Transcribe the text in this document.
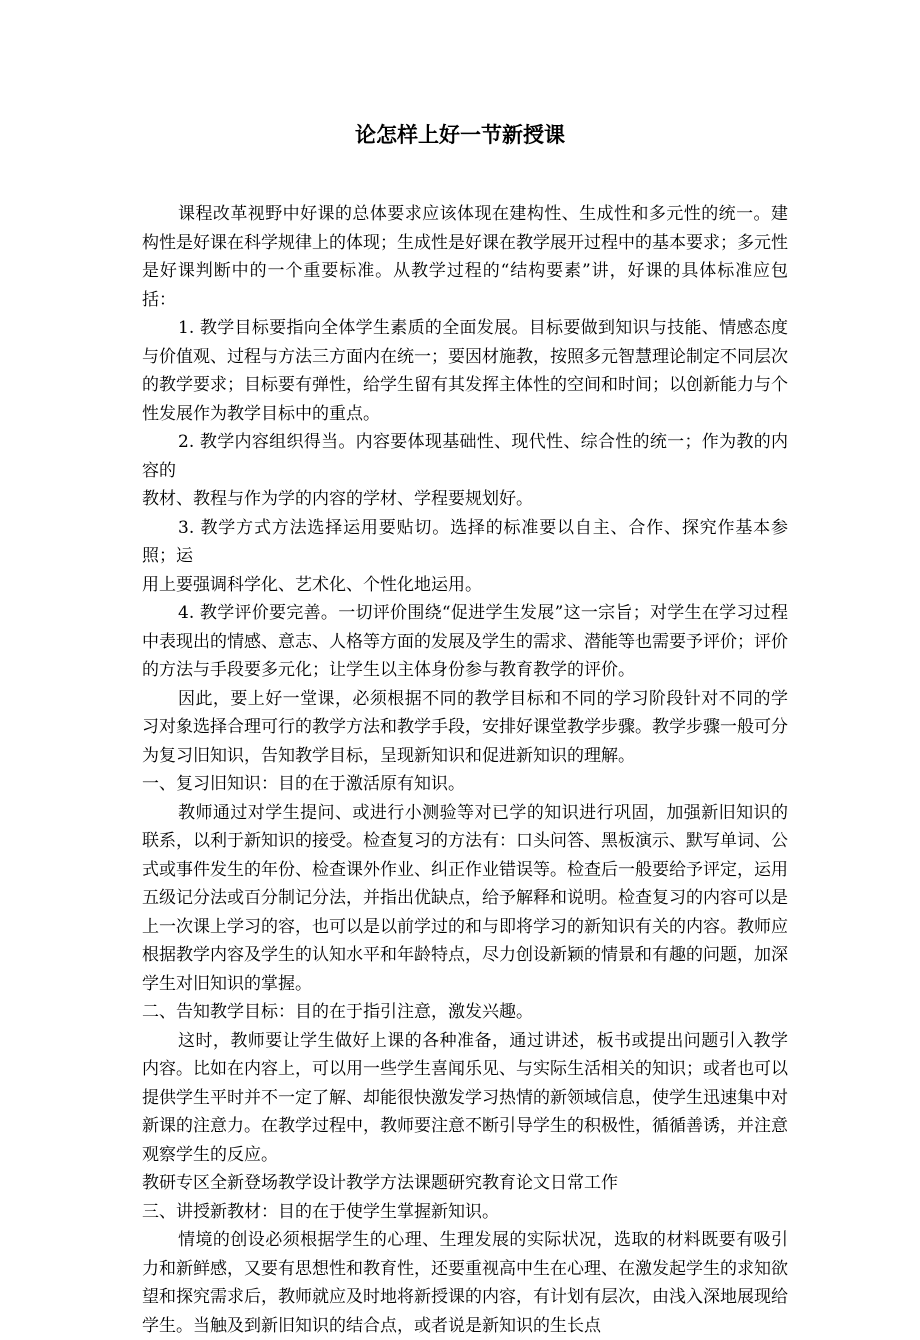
论怎样上好一节新授课

课程改革视野中好课的总体要求应该体现在建构性、生成性和多元性的统一。建构性是好课在科学规律上的体现；生成性是好课在教学展开过程中的基本要求；多元性是好课判断中的一个重要标准。从教学过程的“结构要素”讲，好课的具体标准应包括：

1. 教学目标要指向全体学生素质的全面发展。目标要做到知识与技能、情感态度与价值观、过程与方法三方面内在统一；要因材施教，按照多元智慧理论制定不同层次的教学要求；目标要有弹性，给学生留有其发挥主体性的空间和时间；以创新能力与个性发展作为教学目标中的重点。

2. 教学内容组织得当。内容要体现基础性、现代性、综合性的统一；作为教的内容的

教材、教程与作为学的内容的学材、学程要规划好。

3. 教学方式方法选择运用要贴切。选择的标准要以自主、合作、探究作基本参照；运

用上要强调科学化、艺术化、个性化地运用。

4. 教学评价要完善。一切评价围绕“促进学生发展”这一宗旨；对学生在学习过程中表现出的情感、意志、人格等方面的发展及学生的需求、潜能等也需要予评价；评价的方法与手段要多元化；让学生以主体身份参与教育教学的评价。

因此，要上好一堂课，必须根据不同的教学目标和不同的学习阶段针对不同的学习对象选择合理可行的教学方法和教学手段，安排好课堂教学步骤。教学步骤一般可分为复习旧知识，告知教学目标，呈现新知识和促进新知识的理解。

一、复习旧知识：目的在于激活原有知识。

教师通过对学生提问、或进行小测验等对已学的知识进行巩固，加强新旧知识的联系，以利于新知识的接受。检查复习的方法有：口头问答、黑板演示、默写单词、公式或事件发生的年份、检查课外作业、纠正作业错误等。检查后一般要给予评定，运用五级记分法或百分制记分法，并指出优缺点，给予解释和说明。检查复习的内容可以是上一次课上学习的容，也可以是以前学过的和与即将学习的新知识有关的内容。教师应根据教学内容及学生的认知水平和年龄特点，尽力创设新颖的情景和有趣的问题，加深学生对旧知识的掌握。

二、告知教学目标：目的在于指引注意，激发兴趣。

这时，教师要让学生做好上课的各种准备，通过讲述，板书或提出问题引入教学内容。比如在内容上，可以用一些学生喜闻乐见、与实际生活相关的知识；或者也可以提供学生平时并不一定了解、却能很快激发学习热情的新领域信息，使学生迅速集中对新课的注意力。在教学过程中，教师要注意不断引导学生的积极性，循循善诱，并注意观察学生的反应。

教研专区全新登场教学设计教学方法课题研究教育论文日常工作

三、讲授新教材：目的在于使学生掌握新知识。

情境的创设必须根据学生的心理、生理发展的实际状况，选取的材料既要有吸引力和新鲜感，又要有思想性和教育性，还要重视高中生在心理、在激发起学生的求知欲望和探究需求后，教师就应及时地将新授课的内容，有计划有层次，由浅入深地展现给学生。当触及到新旧知识的结合点，或者说是新知识的生长点
